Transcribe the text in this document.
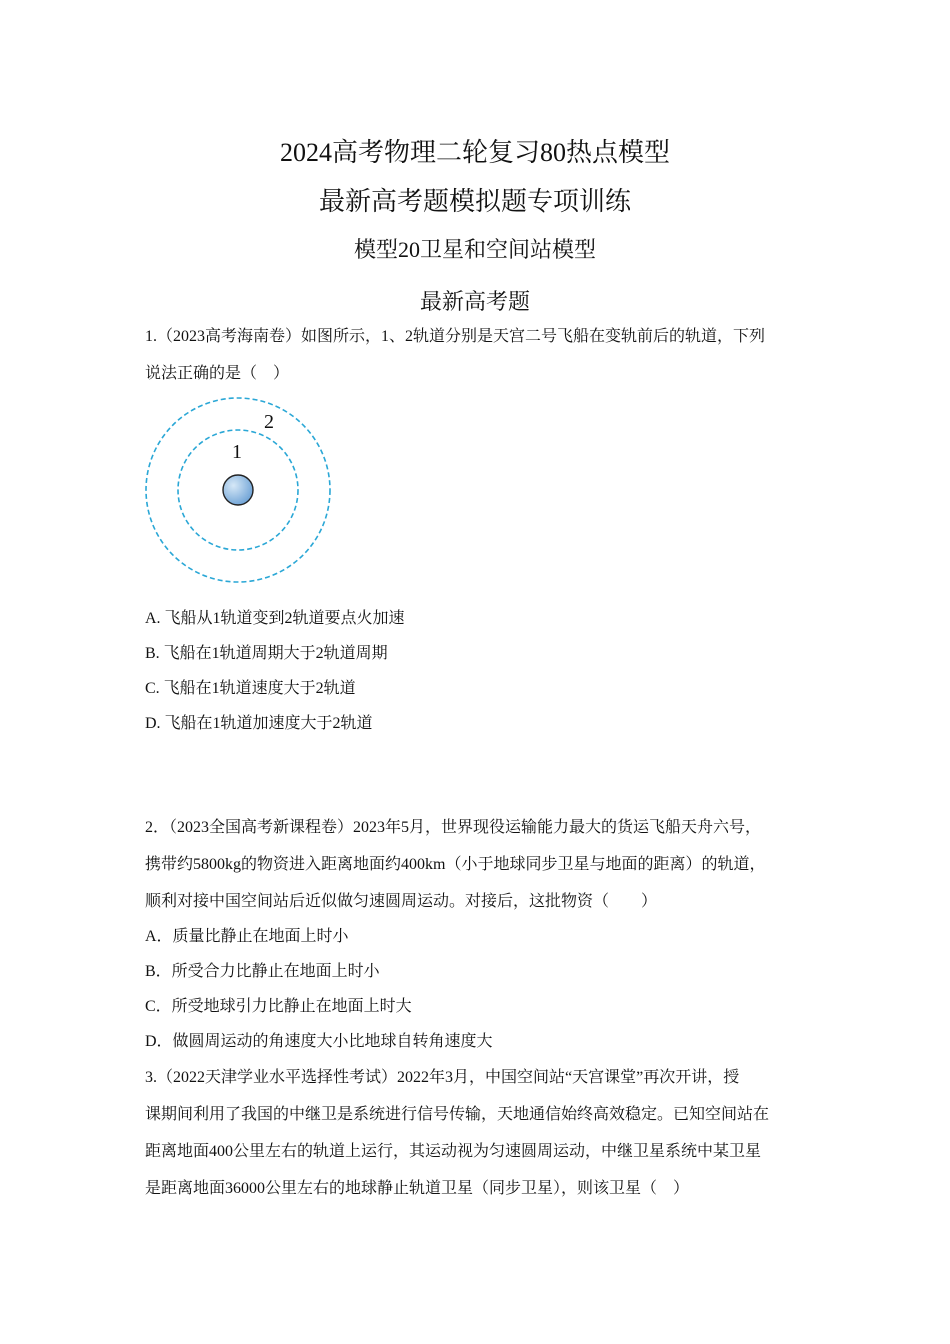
2024高考物理二轮复习80热点模型
最新高考题模拟题专项训练
模型20卫星和空间站模型
最新高考题
1.（2023高考海南卷）如图所示，1、2轨道分别是天宫二号飞船在变轨前后的轨道，下列
说法正确的是（　）
1
2
A. 飞船从1轨道变到2轨道要点火加速
B. 飞船在1轨道周期大于2轨道周期
C. 飞船在1轨道速度大于2轨道
D. 飞船在1轨道加速度大于2轨道
2．（2023全国高考新课程卷）2023年5月，世界现役运输能力最大的货运飞船天舟六号，
携带约5800kg的物资进入距离地面约400km（小于地球同步卫星与地面的距离）的轨道，
顺利对接中国空间站后近似做匀速圆周运动。对接后，这批物资（　　）
A．质量比静止在地面上时小
B．所受合力比静止在地面上时小
C．所受地球引力比静止在地面上时大
D．做圆周运动的角速度大小比地球自转角速度大
3.（2022天津学业水平选择性考试）2022年3月，中国空间站“天宫课堂”再次开讲，授
课期间利用了我国的中继卫是系统进行信号传输，天地通信始终高效稳定。已知空间站在
距离地面400公里左右的轨道上运行，其运动视为匀速圆周运动，中继卫星系统中某卫星
是距离地面36000公里左右的地球静止轨道卫星（同步卫星），则该卫星（　）
